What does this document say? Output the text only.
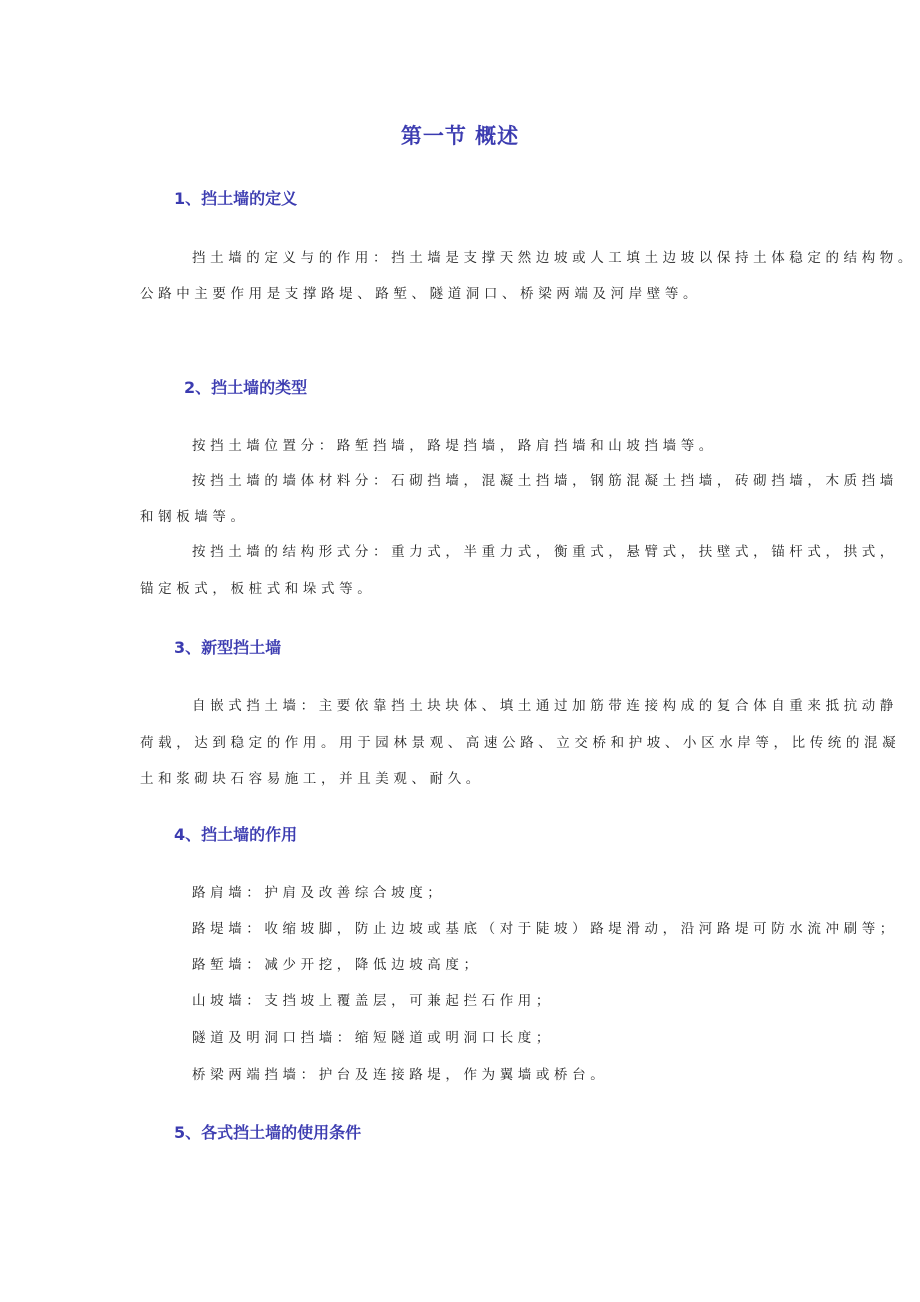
第一节 概述
1、挡土墙的定义
挡土墙的定义与的作用：挡土墙是支撑天然边坡或人工填土边坡以保持土体稳定的结构物。
公路中主要作用是支撑路堤、路堑、隧道洞口、桥梁两端及河岸壁等。
2、挡土墙的类型
按挡土墙位置分：路堑挡墙，路堤挡墙，路肩挡墙和山坡挡墙等。
按挡土墙的墙体材料分：石砌挡墙，混凝土挡墙，钢筋混凝土挡墙，砖砌挡墙，木质挡墙
和钢板墙等。
按挡土墙的结构形式分：重力式，半重力式，衡重式，悬臂式，扶壁式，锚杆式，拱式，
锚定板式，板桩式和垛式等。
3、新型挡土墙
自嵌式挡土墙：主要依靠挡土块块体、填土通过加筋带连接构成的复合体自重来抵抗动静
荷载，达到稳定的作用。用于园林景观、高速公路、立交桥和护坡、小区水岸等，比传统的混凝
土和浆砌块石容易施工，并且美观、耐久。
4、挡土墙的作用
路肩墙：护肩及改善综合坡度；
路堤墙：收缩坡脚，防止边坡或基底（对于陡坡）路堤滑动，沿河路堤可防水流冲刷等；
路堑墙：减少开挖，降低边坡高度；
山坡墙：支挡坡上覆盖层，可兼起拦石作用；
隧道及明洞口挡墙：缩短隧道或明洞口长度；
桥梁两端挡墙：护台及连接路堤，作为翼墙或桥台。
5、各式挡土墙的使用条件
